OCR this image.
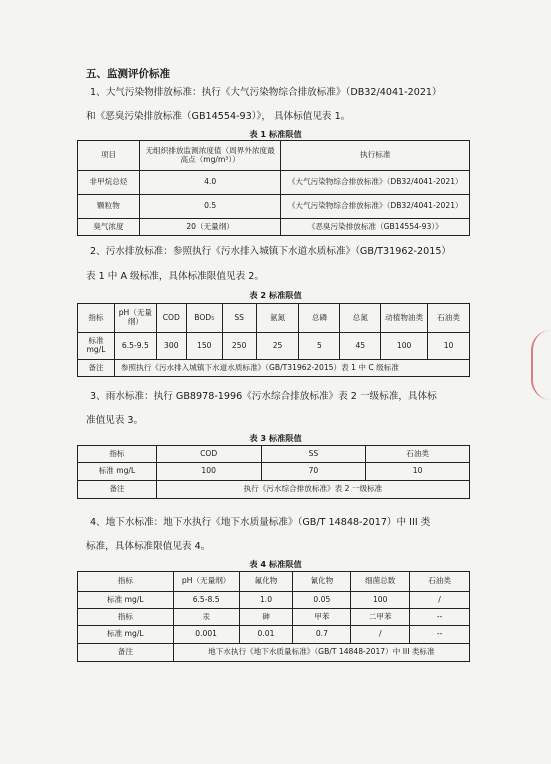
五、监测评价标准
1、大气污染物排放标准：执行《大气污染物综合排放标准》（DB32/4041-2021）
和《恶臭污染排放标准（GB14554-93）》， 具体标值见表 1。
表 1 标准限值
项目	无组织排放监测浓度值（周界外浓度最高点（mg/m³））	执行标准
非甲烷总烃	4.0	《大气污染物综合排放标准》（DB32/4041-2021）
颗粒物	0.5	《大气污染物综合排放标准》（DB32/4041-2021）
臭气浓度	20（无量纲）	《恶臭污染排放标准（GB14554-93）》
2、污水排放标准：参照执行《污水排入城镇下水道水质标准》（GB/T31962-2015）
表 1 中 A 级标准，具体标准限值见表 2。
表 2 标准限值
指标	pH（无量纲）	COD	BOD₅	SS	氨氮	总磷	总氮	动植物油类	石油类
标准 mg/L	6.5-9.5	300	150	250	25	5	45	100	10
备注	参照执行《污水排入城镇下水道水质标准》（GB/T31962-2015）表 1 中 C 级标准								
3、雨水标准：执行 GB8978-1996《污水综合排放标准》表 2 一级标准，具体标
准值见表 3。
表 3 标准限值
指标	COD	SS	石油类
标准 mg/L	100	70	10
备注	执行《污水综合排放标准》表 2 一级标准		
4、地下水标准：地下水执行《地下水质量标准》（GB/T 14848-2017）中 III 类
标准，具体标准限值见表 4。
表 4 标准限值
指标	pH（无量纲）	氟化物	氰化物	细菌总数	石油类
标准 mg/L	6.5-8.5	1.0	0.05	100	/
指标	汞	砷	甲苯	二甲苯	--
标准 mg/L	0.001	0.01	0.7	/	--
备注	地下水执行《地下水质量标准》（GB/T 14848-2017）中 III 类标准				
